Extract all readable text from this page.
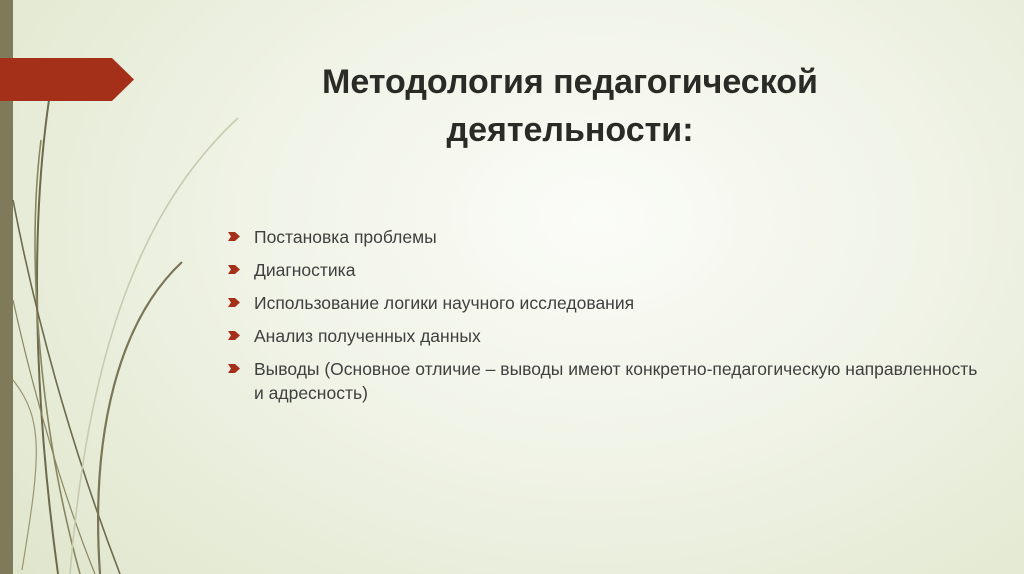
Методология педагогической
деятельности:
Постановка проблемы
Диагностика
Использование логики научного исследования
Анализ полученных данных
Выводы (Основное отличие – выводы имеют конкретно-педагогическую направленность и адресность)
